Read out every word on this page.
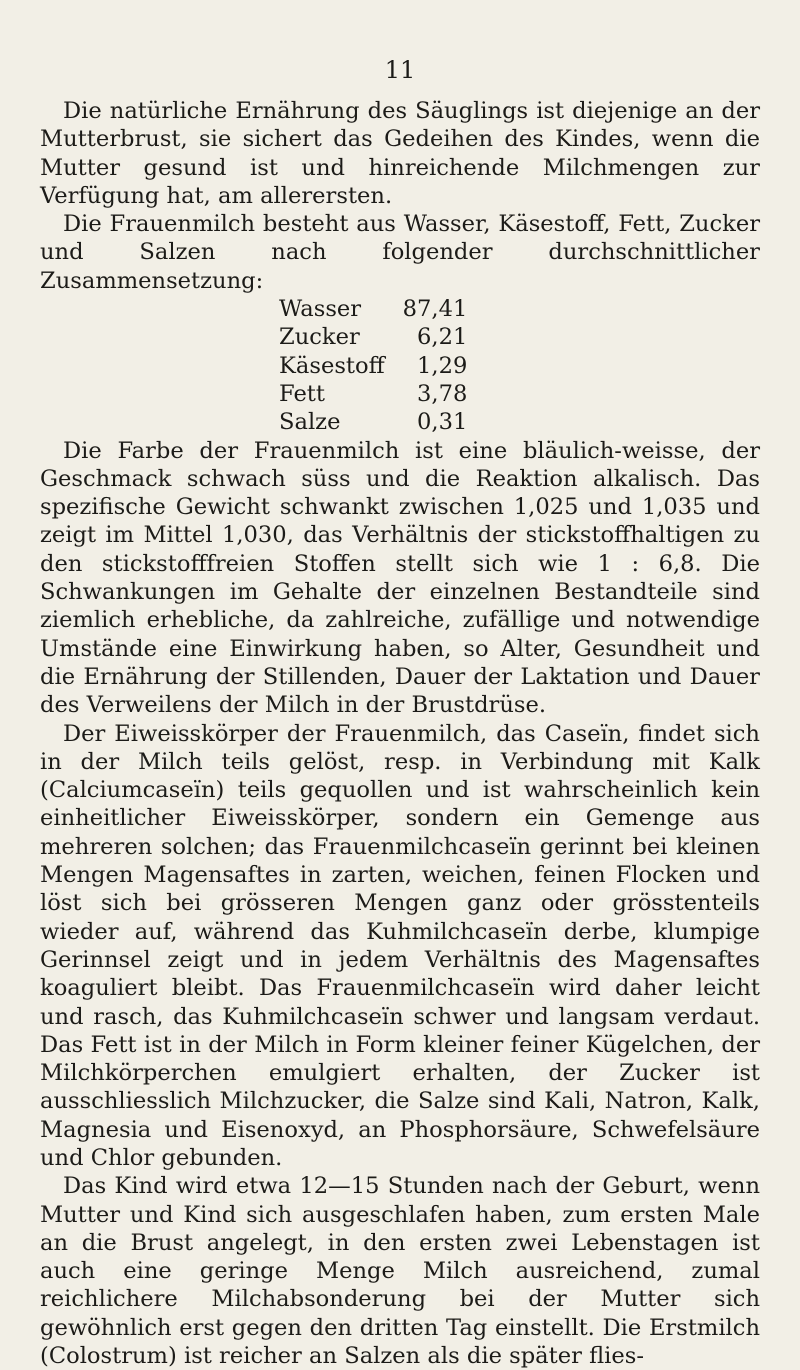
11

Die natürliche Ernährung des Säuglings ist diejenige an der Mutterbrust, sie sichert das Gedeihen des Kindes, wenn die Mutter gesund ist und hinreichende Milchmengen zur Verfügung hat, am allerersten.

Die Frauenmilch besteht aus Wasser, Käsestoff, Fett, Zucker und Salzen nach folgender durchschnittlicher Zusammensetzung:

Wasser	87,41
Zucker	6,21
Käsestoff	1,29
Fett	3,78
Salze	0,31

Die Farbe der Frauenmilch ist eine bläulich-weisse, der Geschmack schwach süss und die Reaktion alkalisch. Das spezifische Gewicht schwankt zwischen 1,025 und 1,035 und zeigt im Mittel 1,030, das Verhältnis der stickstoffhaltigen zu den stickstofffreien Stoffen stellt sich wie 1 : 6,8. Die Schwankungen im Gehalte der einzelnen Bestandteile sind ziemlich erhebliche, da zahlreiche, zufällige und notwendige Umstände eine Einwirkung haben, so Alter, Gesundheit und die Ernährung der Stillenden, Dauer der Laktation und Dauer des Verweilens der Milch in der Brustdrüse.

Der Eiweisskörper der Frauenmilch, das Caseïn, findet sich in der Milch teils gelöst, resp. in Verbindung mit Kalk (Calciumcaseïn) teils gequollen und ist wahrscheinlich kein einheitlicher Eiweisskörper, sondern ein Gemenge aus mehreren solchen; das Frauenmilchcaseïn gerinnt bei kleinen Mengen Magensaftes in zarten, weichen, feinen Flocken und löst sich bei grösseren Mengen ganz oder grösstenteils wieder auf, während das Kuhmilchcaseïn derbe, klumpige Gerinnsel zeigt und in jedem Verhältnis des Magensaftes koaguliert bleibt. Das Frauenmilchcaseïn wird daher leicht und rasch, das Kuhmilchcaseïn schwer und langsam verdaut. Das Fett ist in der Milch in Form kleiner feiner Kügelchen, der Milchkörperchen emulgiert erhalten, der Zucker ist ausschliesslich Milchzucker, die Salze sind Kali, Natron, Kalk, Magnesia und Eisenoxyd, an Phosphorsäure, Schwefelsäure und Chlor gebunden.

Das Kind wird etwa 12—15 Stunden nach der Geburt, wenn Mutter und Kind sich ausgeschlafen haben, zum ersten Male an die Brust angelegt, in den ersten zwei Lebenstagen ist auch eine geringe Menge Milch ausreichend, zumal reichlichere Milchabsonderung bei der Mutter sich gewöhnlich erst gegen den dritten Tag einstellt. Die Erstmilch (Colostrum) ist reicher an Salzen als die später flies-
